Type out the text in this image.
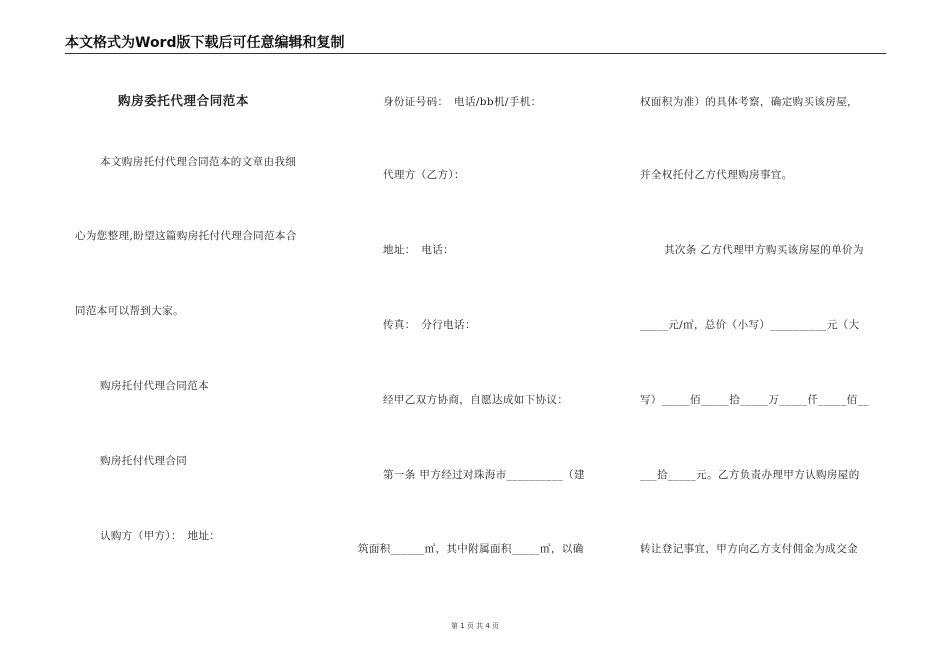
本文格式为Word版下载后可任意编辑和复制
购房委托代理合同范本
本文购房托付代理合同范本的文章由我细
心为您整理,盼望这篇购房托付代理合同范本合
同范本可以帮到大家。
购房托付代理合同范本
购房托付代理合同
认购方（甲方）：　地址：
身份证号码：　电话/bb机/手机：
代理方（乙方）：
地址：　电话：
传真：　分行电话：
经甲乙双方协商，自愿达成如下协议：
第一条 甲方经过对珠海市__________（建
筑面积______㎡，其中附属面积_____㎡，以确
权面积为准）的具体考察，确定购买该房屋，
并全权托付乙方代理购房事宜。
其次条 乙方代理甲方购买该房屋的单价为
_____元/㎡，总价（小写）__________元（大
写）_____佰_____拾_____万_____仟_____佰__
___拾_____元。乙方负责办理甲方认购房屋的
转让登记事宜，甲方向乙方支付佣金为成交金
第 1 页 共 4 页
